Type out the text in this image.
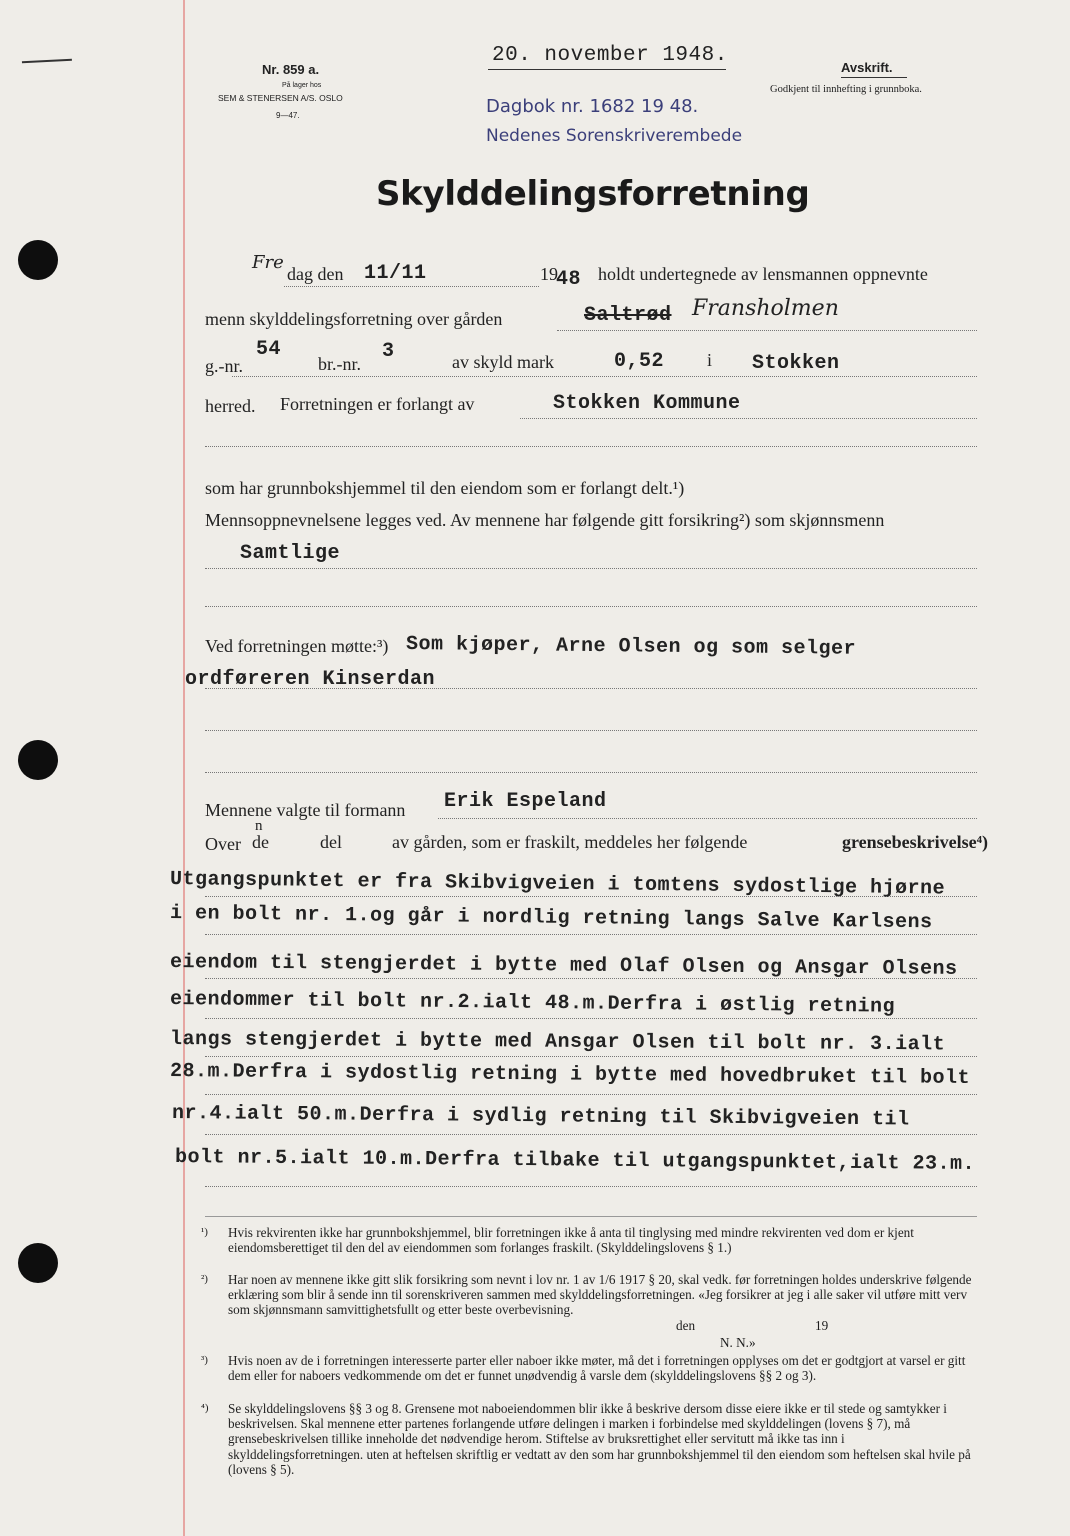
Nr. 859 a.
På lager hos
SEM & STENERSEN A/S. OSLO
9—47.
20. november 1948.
Avskrift.
Godkjent til innhefting i grunnboka.
Dagbok nr. 1682 19 48.
Nedenes Sorenskriverembede
Skylddelingsforretning
Fre
dag den 11/11	19
48 holdt undertegnede av lensmannen oppnevnte
menn skylddelingsforretning over gården	Saltrød Fransholmen
g.-nr.
54
br.-nr.
3	av skyld mark	0,52 i Stokken
herred. Forretningen er forlangt av	Stokken Kommune
som har grunnbokshjemmel til den eiendom som er forlangt delt.¹)
Mennsoppnevnelsene legges ved. Av mennene har følgende gitt forsikring²) som skjønnsmenn
Samtlige
Ved forretningen møtte:³) Som kjøper, Arne Olsen og som selger
ordføreren Kinserdan
Mennene valgte til formann Erik Espeland
Over
n
de	del	av gården, som er fraskilt, meddeles her følgende	grensebeskrivelse⁴)
Utgangspunktet er fra Skibvigveien i tomtens sydostlige hjørne
i en bolt nr. 1.og går i nordlig retning langs Salve Karlsens
eiendom til stengjerdet i bytte med Olaf Olsen og Ansgar Olsens
eiendommer til bolt nr.2.ialt 48.m.Derfra i østlig retning
langs stengjerdet i bytte med Ansgar Olsen til bolt nr. 3.ialt
28.m.Derfra i sydostlig retning i bytte med hovedbruket til bolt
nr.4.ialt 50.m.Derfra i sydlig retning til Skibvigveien til
bolt nr.5.ialt 10.m.Derfra tilbake til utgangspunktet,ialt 23.m.
¹) Hvis rekvirenten ikke har grunnbokshjemmel, blir forretningen ikke å anta til tinglysing med mindre rekvirenten ved dom er kjent eiendomsberettiget til den del av eiendommen som forlanges fraskilt. (Skylddelingslovens § 1.)
²) Har noen av mennene ikke gitt slik forsikring som nevnt i lov nr. 1 av 1/6 1917 § 20, skal vedk. før forretningen holdes underskrive følgende erklæring som blir å sende inn til sorenskriveren sammen med skylddelingsforretningen. «Jeg forsikrer at jeg i alle saker vil utføre mitt verv som skjønnsmann samvittighetsfullt og etter beste overbevisning.
den	19
N. N.»
³) Hvis noen av de i forretningen interesserte parter eller naboer ikke møter, må det i forretningen opplyses om det er godtgjort at varsel er gitt dem eller for naboers vedkommende om det er funnet unødvendig å varsle dem (skylddelingslovens §§ 2 og 3).
⁴) Se skylddelingslovens §§ 3 og 8. Grensene mot naboeiendommen blir ikke å beskrive dersom disse eiere ikke er til stede og samtykker i beskrivelsen. Skal mennene etter partenes forlangende utføre delingen i marken i forbindelse med skylddelingen (lovens § 7), må grensebeskrivelsen tillike inneholde det nødvendige herom. Stiftelse av bruksrettighet eller servitutt må ikke tas inn i skylddelingsforretningen. uten at heftelsen skriftlig er vedtatt av den som har grunnbokshjemmel til den eiendom som heftelsen skal hvile på (lovens § 5).
